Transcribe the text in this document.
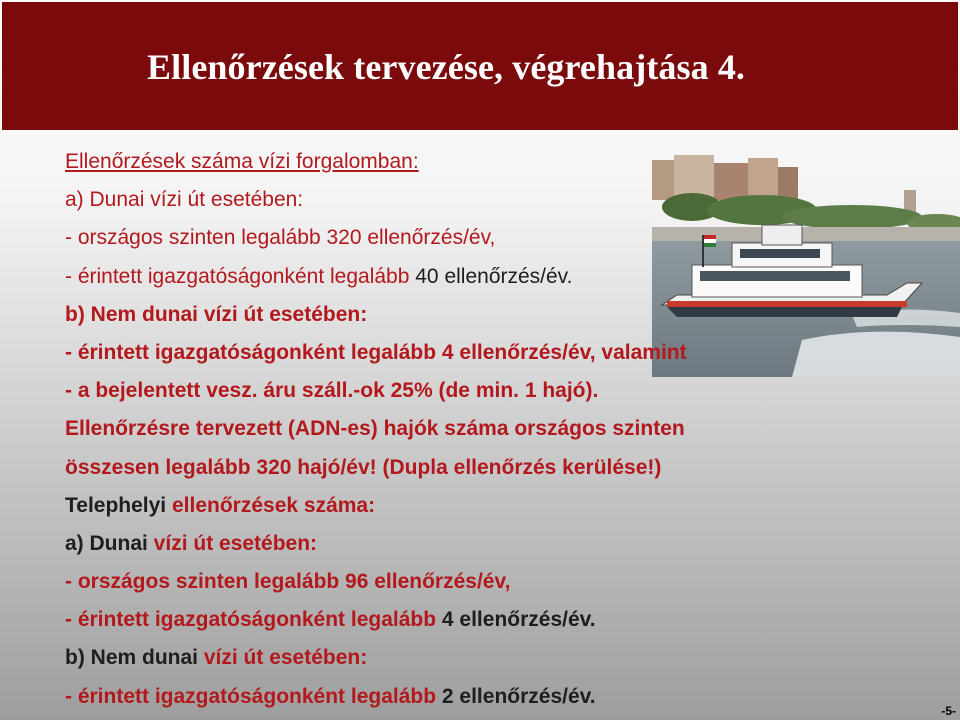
Ellenőrzések tervezése, végrehajtása 4.
Ellenőrzések száma vízi forgalomban:
a) Dunai vízi út esetében:
- országos szinten legalább 320 ellenőrzés/év,
- érintett igazgatóságonként legalább 40 ellenőrzés/év.
b) Nem dunai vízi út esetében:
- érintett igazgatóságonként legalább 4 ellenőrzés/év, valamint
- a bejelentett vesz. áru száll.-ok 25% (de min. 1 hajó).
Ellenőrzésre tervezett (ADN-es) hajók száma országos szinten
összesen legalább 320 hajó/év! (Dupla ellenőrzés kerülése!)
Telephelyi ellenőrzések száma:
a) Dunai vízi út esetében:
- országos szinten legalább 96 ellenőrzés/év,
- érintett igazgatóságonként legalább 4 ellenőrzés/év.
b) Nem dunai vízi út esetében:
- érintett igazgatóságonként legalább 2 ellenőrzés/év.
-5-
